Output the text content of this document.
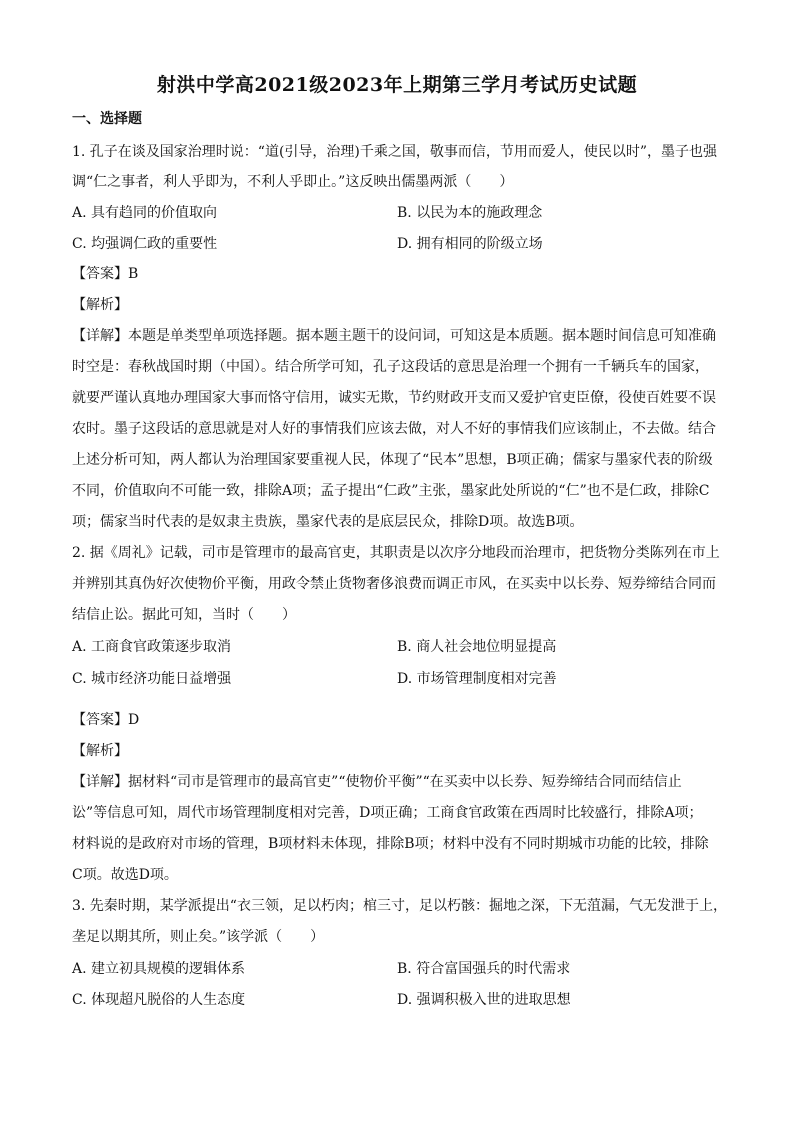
射洪中学高2021级2023年上期第三学月考试历史试题
一、选择题
1. 孔子在谈及国家治理时说：“道(引导，治理)千乘之国，敬事而信，节用而爱人，使民以时”，墨子也强
调“仁之事者，利人乎即为，不利人乎即止。”这反映出儒墨两派（　　）
A. 具有趋同的价值取向	B. 以民为本的施政理念
C. 均强调仁政的重要性	D. 拥有相同的阶级立场
【答案】B
【解析】
【详解】本题是单类型单项选择题。据本题主题干的设问词，可知这是本质题。据本题时间信息可知准确
时空是：春秋战国时期（中国）。结合所学可知，孔子这段话的意思是治理一个拥有一千辆兵车的国家，
就要严谨认真地办理国家大事而恪守信用，诚实无欺，节约财政开支而又爱护官吏臣僚，役使百姓要不误
农时。墨子这段话的意思就是对人好的事情我们应该去做，对人不好的事情我们应该制止，不去做。结合
上述分析可知，两人都认为治理国家要重视人民，体现了“民本”思想，B项正确；儒家与墨家代表的阶级
不同，价值取向不可能一致，排除A项；孟子提出“仁政”主张，墨家此处所说的“仁”也不是仁政，排除C
项；儒家当时代表的是奴隶主贵族，墨家代表的是底层民众，排除D项。故选B项。
2. 据《周礼》记载，司市是管理市的最高官吏，其职责是以次序分地段而治理市，把货物分类陈列在市上
并辨别其真伪好次使物价平衡，用政令禁止货物奢侈浪费而调正市风，在买卖中以长券、短券缔结合同而
结信止讼。据此可知，当时（　　）
A. 工商食官政策逐步取消	B. 商人社会地位明显提高
C. 城市经济功能日益增强	D. 市场管理制度相对完善
【答案】D
【解析】
【详解】据材料“司市是管理市的最高官吏”“使物价平衡”“在买卖中以长券、短券缔结合同而结信止
讼”等信息可知，周代市场管理制度相对完善，D项正确；工商食官政策在西周时比较盛行，排除A项；
材料说的是政府对市场的管理，B项材料未体现，排除B项；材料中没有不同时期城市功能的比较，排除
C项。故选D项。
3. 先秦时期，某学派提出“衣三领，足以朽肉；棺三寸，足以朽骸：掘地之深，下无菹漏，气无发泄于上，
垄足以期其所，则止矣。”该学派（　　）
A. 建立初具规模的逻辑体系	B. 符合富国强兵的时代需求
C. 体现超凡脱俗的人生态度	D. 强调积极入世的进取思想
